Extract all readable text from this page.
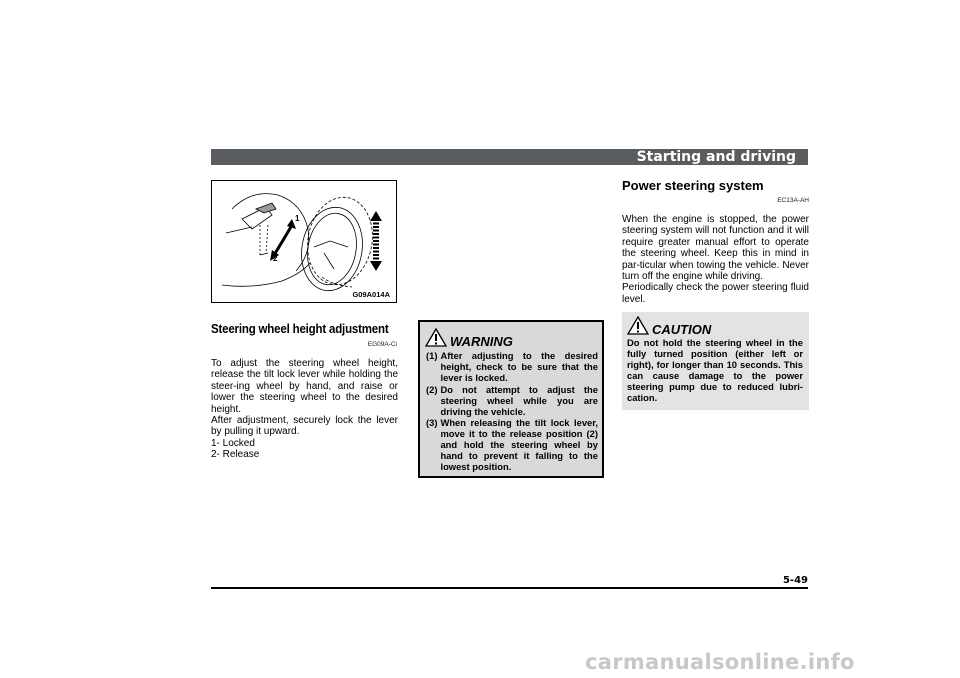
Starting and driving
1
2
G09A014A
Steering wheel height adjustment
EG09A-Ci

To adjust the steering wheel height, release the tilt lock lever while holding the steer-ing wheel by hand, and raise or lower the steering wheel to the desired height.

After adjustment, securely lock the lever by pulling it upward.

1- Locked
2- Release
WARNING
(1) After adjusting to the desired height, check to be sure that the lever is locked.
(2) Do not attempt to adjust the steering wheel while you are driving the vehicle.
(3) When releasing the tilt lock lever, move it to the release position (2) and hold the steering wheel by hand to prevent it falling to the lowest position.
Power steering system
EC13A-AH

When the engine is stopped, the power steering system will not function and it will require greater manual effort to operate the steering wheel. Keep this in mind in par-ticular when towing the vehicle. Never turn off the engine while driving.

Periodically check the power steering fluid level.

CAUTION
Do not hold the steering wheel in the fully turned position (either left or right), for longer than 10 seconds. This can cause damage to the power steering pump due to reduced lubri-cation.
5-49
carmanualsonline.info
